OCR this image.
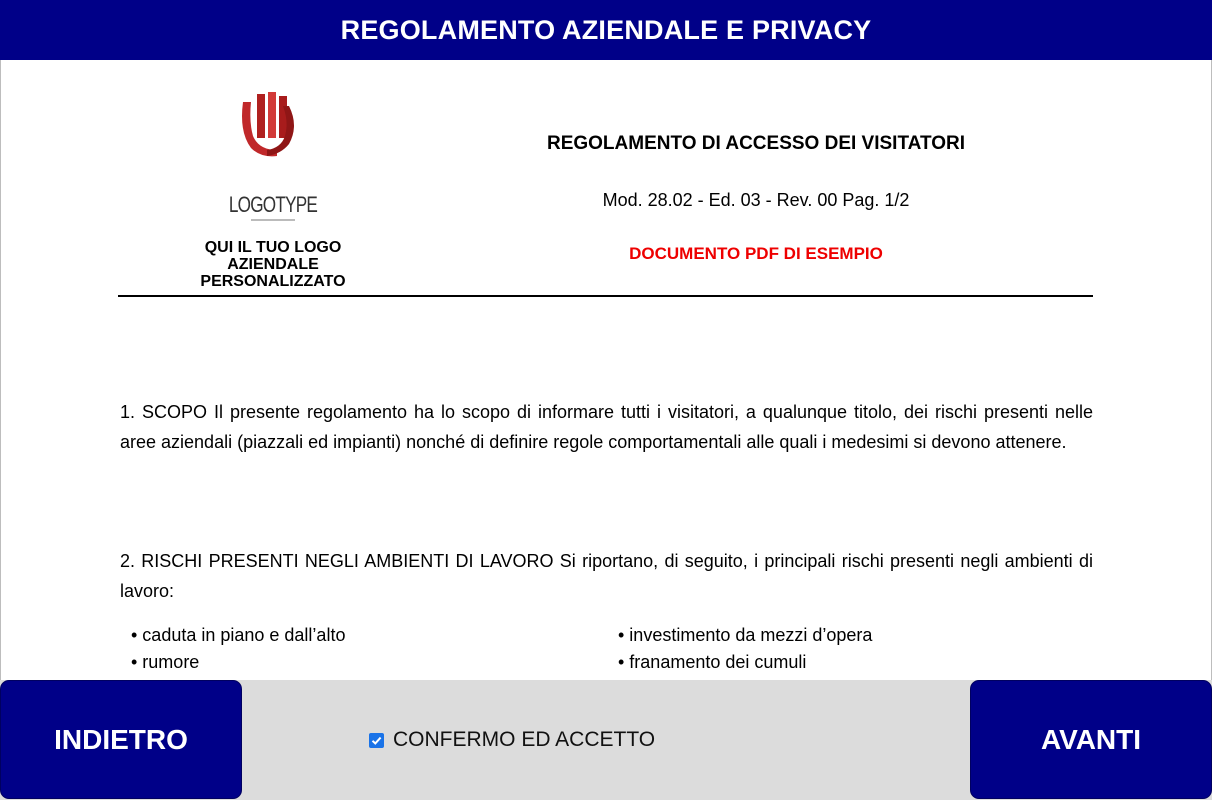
REGOLAMENTO AZIENDALE E PRIVACY
LOGOTYPE
QUI IL TUO LOGO
AZIENDALE
PERSONALIZZATO
REGOLAMENTO DI ACCESSO DEI VISITATORI
Mod. 28.02 - Ed. 03 - Rev. 00 Pag. 1/2
DOCUMENTO PDF DI ESEMPIO
1. SCOPO Il presente regolamento ha lo scopo di informare tutti i visitatori, a qualunque titolo, dei rischi presenti nelle aree aziendali (piazzali ed impianti) nonché di definire regole comportamentali alle quali i medesimi si devono attenere.
2. RISCHI PRESENTI NEGLI AMBIENTI DI LAVORO Si riportano, di seguito, i principali rischi presenti negli ambienti di lavoro:
• caduta in piano e dall’alto	• investimento da mezzi d’opera
• rumore	• franamento dei cumuli
INDIETRO	CONFERMO ED ACCETTO	AVANTI
